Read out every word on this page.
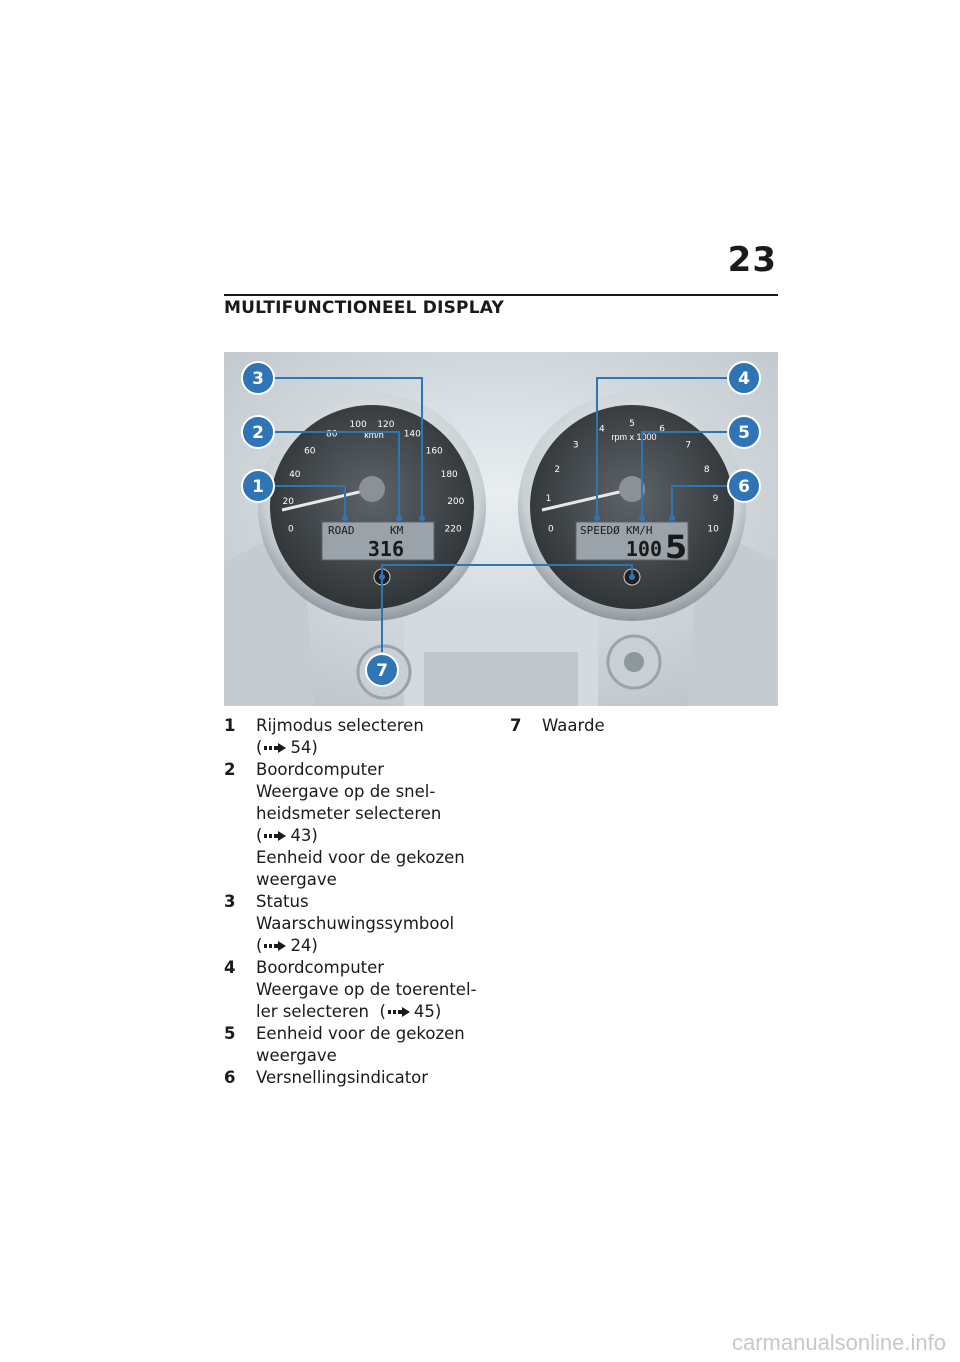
23
MULTIFUNCTIONEEL DISPLAY
km/h
0
20
40
60
80
100 120
140
160
180
200
220
ROAD	KM
316
rpm x 1000
0
1
2
3
4
5
6
7
8
9
10
SPEEDØ KM/H
100 5
3
2
1
4
5
6
7
1	Rijmodus selecteren
( 54)
2	Boordcomputer
Weergave op de snel-
heidsmeter selecteren
( 43)
Eenheid voor de gekozen
weergave
3	Status
Waarschuwingssymbool
( 24)
4	Boordcomputer
Weergave op de toerentel-
ler selecteren ( 45)
5	Eenheid voor de gekozen
weergave
6	Versnellingsindicator
7	Waarde
carmanualsonline.info
